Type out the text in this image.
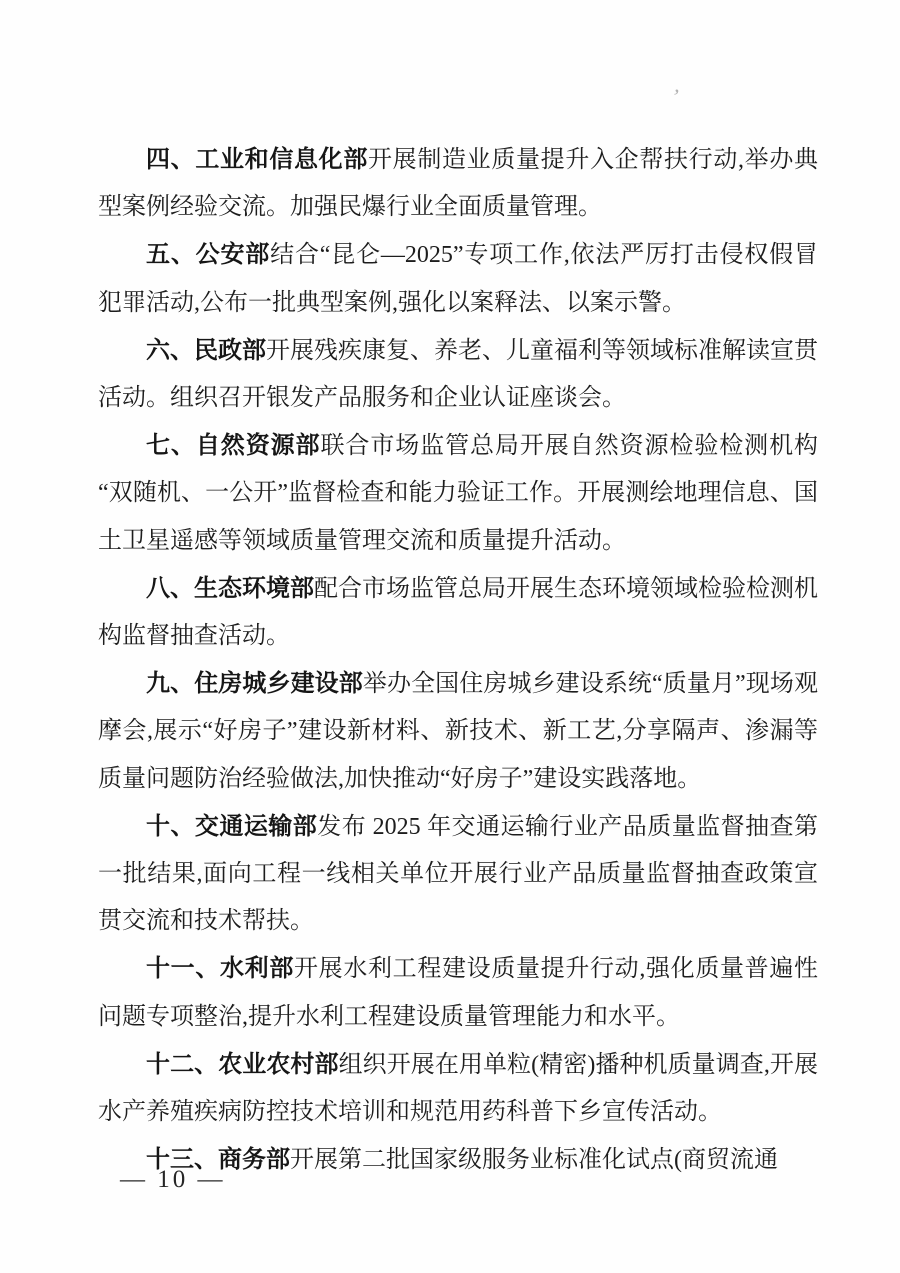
’

四、工业和信息化部开展制造业质量提升入企帮扶行动,举办典型案例经验交流。加强民爆行业全面质量管理。

五、公安部结合“昆仑—2025”专项工作,依法严厉打击侵权假冒犯罪活动,公布一批典型案例,强化以案释法、以案示警。

六、民政部开展残疾康复、养老、儿童福利等领域标准解读宣贯活动。组织召开银发产品服务和企业认证座谈会。

七、自然资源部联合市场监管总局开展自然资源检验检测机构“双随机、一公开”监督检查和能力验证工作。开展测绘地理信息、国土卫星遥感等领域质量管理交流和质量提升活动。

八、生态环境部配合市场监管总局开展生态环境领域检验检测机构监督抽查活动。

九、住房城乡建设部举办全国住房城乡建设系统“质量月”现场观摩会,展示“好房子”建设新材料、新技术、新工艺,分享隔声、渗漏等质量问题防治经验做法,加快推动“好房子”建设实践落地。

十、交通运输部发布 2025 年交通运输行业产品质量监督抽查第一批结果,面向工程一线相关单位开展行业产品质量监督抽查政策宣贯交流和技术帮扶。

十一、水利部开展水利工程建设质量提升行动,强化质量普遍性问题专项整治,提升水利工程建设质量管理能力和水平。

十二、农业农村部组织开展在用单粒(精密)播种机质量调查,开展水产养殖疾病防控技术培训和规范用药科普下乡宣传活动。

十三、商务部开展第二批国家级服务业标准化试点(商贸流通

— 10 —
